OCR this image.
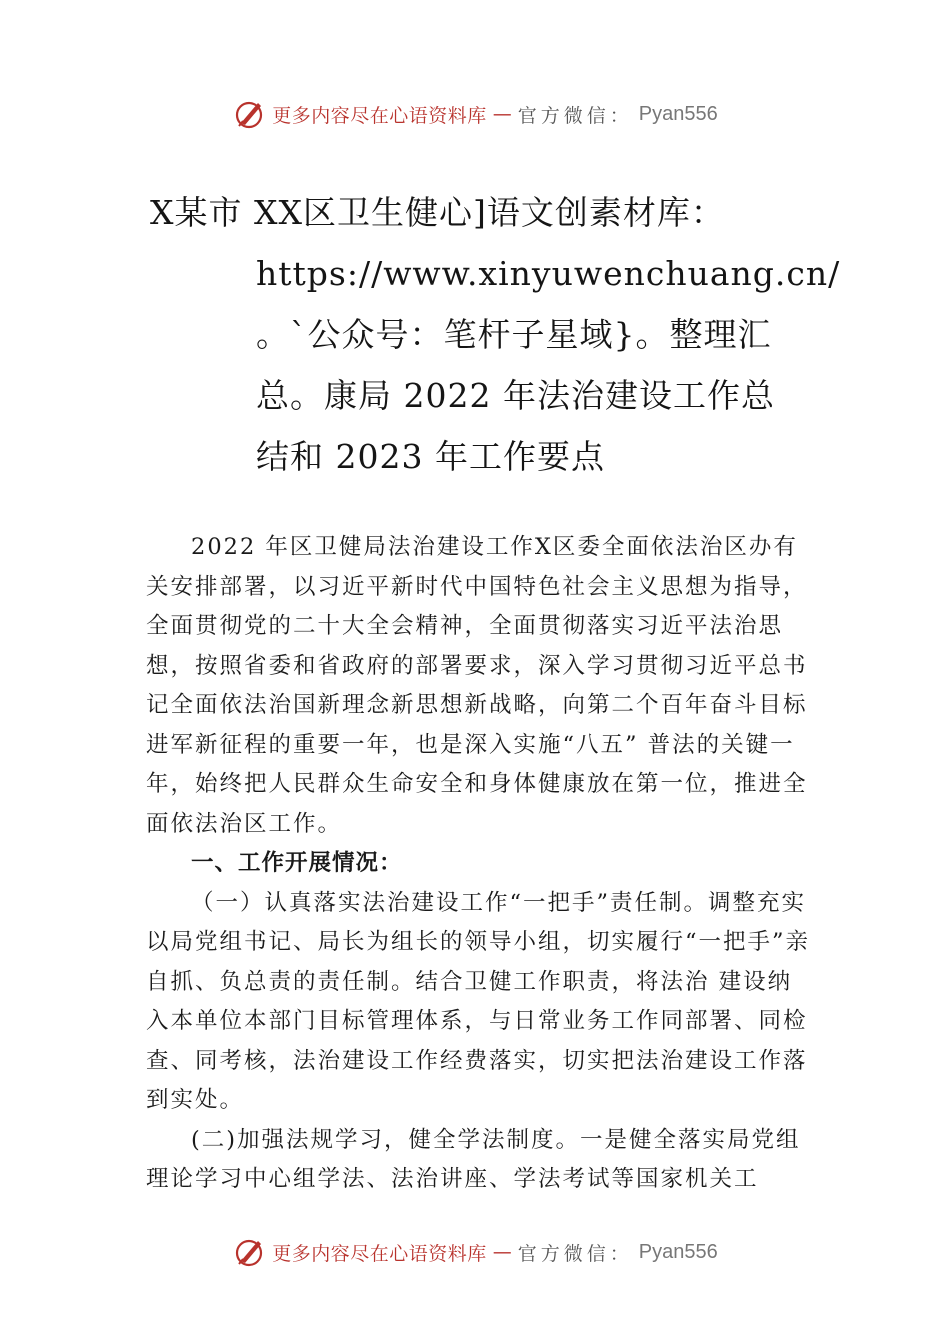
更多内容尽在心语资料库 — 官方微信： Pyan556
X某市 XX区卫生健心]语文创素材库：
https://www.xinyuwenchuang.cn/
。`公众号：笔杆子星域}。整理汇
总。康局 2022 年法治建设工作总
结和 2023 年工作要点

2022 年区卫健局法治建设工作X区委全面依法治区办有关安排部署，以习近平新时代中国特色社会主义思想为指导，全面贯彻党的二十大全会精神，全面贯彻落实习近平法治思想，按照省委和省政府的部署要求，深入学习贯彻习近平总书记全面依法治国新理念新思想新战略，向第二个百年奋斗目标进军新征程的重要一年，也是深入实施“八五” 普法的关键一年，始终把人民群众生命安全和身体健康放在第一位，推进全面依法治区工作。

一、工作开展情况：

（一）认真落实法治建设工作“一把手”责任制。调整充实以局党组书记、局长为组长的领导小组，切实履行“一把手”亲自抓、负总责的责任制。结合卫健工作职责，将法治 建设纳入本单位本部门目标管理体系，与日常业务工作同部署、同检查、同考核，法治建设工作经费落实，切实把法治建设工作落到实处。

(二)加强法规学习，健全学法制度。一是健全落实局党组理论学习中心组学法、法治讲座、学法考试等国家机关工

更多内容尽在心语资料库 — 官方微信： Pyan556
